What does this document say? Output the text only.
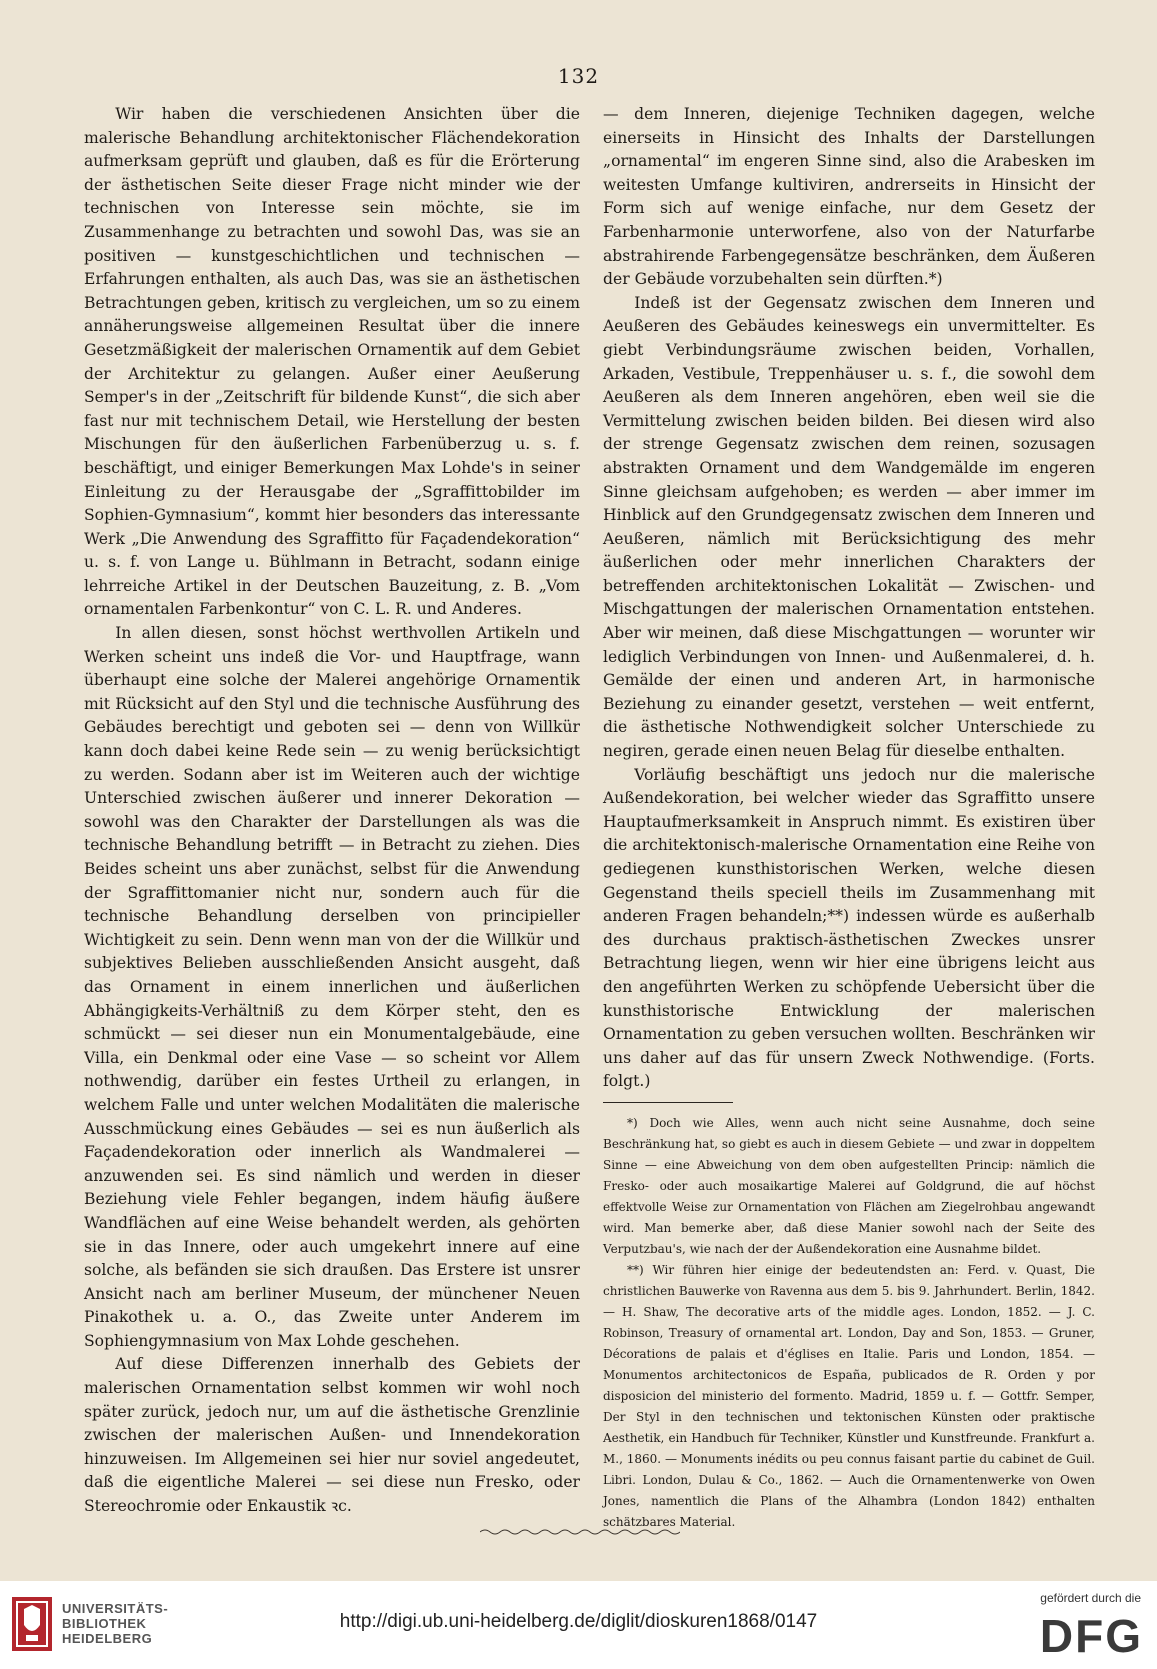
132

Wir haben die verschiedenen Ansichten über die malerische Behandlung architektonischer Flächendekoration aufmerksam geprüft und glauben, daß es für die Erörterung der ästhetischen Seite dieser Frage nicht minder wie der technischen von Interesse sein möchte, sie im Zusammenhange zu betrachten und sowohl Das, was sie an positiven — kunstgeschichtlichen und technischen — Erfahrungen enthalten, als auch Das, was sie an ästhetischen Betrachtungen geben, kritisch zu vergleichen, um so zu einem annäherungsweise allgemeinen Resultat über die innere Gesetzmäßigkeit der malerischen Ornamentik auf dem Gebiet der Architektur zu gelangen. Außer einer Aeußerung Semper's in der „Zeitschrift für bildende Kunst“, die sich aber fast nur mit technischem Detail, wie Herstellung der besten Mischungen für den äußerlichen Farbenüberzug u. s. f. beschäftigt, und einiger Bemerkungen Max Lohde's in seiner Einleitung zu der Herausgabe der „Sgraffittobilder im Sophien-Gymnasium“, kommt hier besonders das interessante Werk „Die Anwendung des Sgraffitto für Façadendekoration“ u. s. f. von Lange u. Bühlmann in Betracht, sodann einige lehrreiche Artikel in der Deutschen Bauzeitung, z. B. „Vom ornamentalen Farbenkontur“ von C. L. R. und Anderes.

In allen diesen, sonst höchst werthvollen Artikeln und Werken scheint uns indeß die Vor- und Hauptfrage, wann überhaupt eine solche der Malerei angehörige Ornamentik mit Rücksicht auf den Styl und die technische Ausführung des Gebäudes berechtigt und geboten sei — denn von Willkür kann doch dabei keine Rede sein — zu wenig berücksichtigt zu werden. Sodann aber ist im Weiteren auch der wichtige Unterschied zwischen äußerer und innerer Dekoration — sowohl was den Charakter der Darstellungen als was die technische Behandlung betrifft — in Betracht zu ziehen. Dies Beides scheint uns aber zunächst, selbst für die Anwendung der Sgraffittomanier nicht nur, sondern auch für die technische Behandlung derselben von principieller Wichtigkeit zu sein. Denn wenn man von der die Willkür und subjektives Belieben ausschließenden Ansicht ausgeht, daß das Ornament in einem innerlichen und äußerlichen Abhängigkeits-Verhältniß zu dem Körper steht, den es schmückt — sei dieser nun ein Monumentalgebäude, eine Villa, ein Denkmal oder eine Vase — so scheint vor Allem nothwendig, darüber ein festes Urtheil zu erlangen, in welchem Falle und unter welchen Modalitäten die malerische Ausschmückung eines Gebäudes — sei es nun äußerlich als Façadendekoration oder innerlich als Wandmalerei — anzuwenden sei. Es sind nämlich und werden in dieser Beziehung viele Fehler begangen, indem häufig äußere Wandflächen auf eine Weise behandelt werden, als gehörten sie in das Innere, oder auch umgekehrt innere auf eine solche, als befänden sie sich draußen. Das Erstere ist unsrer Ansicht nach am berliner Museum, der münchener Neuen Pinakothek u. a. O., das Zweite unter Anderem im Sophiengymnasium von Max Lohde geschehen.

Auf diese Differenzen innerhalb des Gebiets der malerischen Ornamentation selbst kommen wir wohl noch später zurück, jedoch nur, um auf die ästhetische Grenzlinie zwischen der malerischen Außen- und Innendekoration hinzuweisen. Im Allgemeinen sei hier nur soviel angedeutet, daß die eigentliche Malerei — sei diese nun Fresko, oder Stereochromie oder Enkaustik ꝛc.

— dem Inneren, diejenige Techniken dagegen, welche einerseits in Hinsicht des Inhalts der Darstellungen „ornamental“ im engeren Sinne sind, also die Arabesken im weitesten Umfange kultiviren, andrerseits in Hinsicht der Form sich auf wenige einfache, nur dem Gesetz der Farbenharmonie unterworfene, also von der Naturfarbe abstrahirende Farbengegensätze beschränken, dem Äußeren der Gebäude vorzubehalten sein dürften.*)

Indeß ist der Gegensatz zwischen dem Inneren und Aeußeren des Gebäudes keineswegs ein unvermittelter. Es giebt Verbindungsräume zwischen beiden, Vorhallen, Arkaden, Vestibule, Treppenhäuser u. s. f., die sowohl dem Aeußeren als dem Inneren angehören, eben weil sie die Vermittelung zwischen beiden bilden. Bei diesen wird also der strenge Gegensatz zwischen dem reinen, sozusagen abstrakten Ornament und dem Wandgemälde im engeren Sinne gleichsam aufgehoben; es werden — aber immer im Hinblick auf den Grundgegensatz zwischen dem Inneren und Aeußeren, nämlich mit Berücksichtigung des mehr äußerlichen oder mehr innerlichen Charakters der betreffenden architektonischen Lokalität — Zwischen- und Mischgattungen der malerischen Ornamentation entstehen. Aber wir meinen, daß diese Mischgattungen — worunter wir lediglich Verbindungen von Innen- und Außenmalerei, d. h. Gemälde der einen und anderen Art, in harmonische Beziehung zu einander gesetzt, verstehen — weit entfernt, die ästhetische Nothwendigkeit solcher Unterschiede zu negiren, gerade einen neuen Belag für dieselbe enthalten.

Vorläufig beschäftigt uns jedoch nur die malerische Außendekoration, bei welcher wieder das Sgraffitto unsere Hauptaufmerksamkeit in Anspruch nimmt. Es existiren über die architektonisch-malerische Ornamentation eine Reihe von gediegenen kunsthistorischen Werken, welche diesen Gegenstand theils speciell theils im Zusammenhang mit anderen Fragen behandeln;**) indessen würde es außerhalb des durchaus praktisch-ästhetischen Zweckes unsrer Betrachtung liegen, wenn wir hier eine übrigens leicht aus den angeführten Werken zu schöpfende Uebersicht über die kunsthistorische Entwicklung der malerischen Ornamentation zu geben versuchen wollten. Beschränken wir uns daher auf das für unsern Zweck Nothwendige. (Forts. folgt.)

*) Doch wie Alles, wenn auch nicht seine Ausnahme, doch seine Beschränkung hat, so giebt es auch in diesem Gebiete — und zwar in doppeltem Sinne — eine Abweichung von dem oben aufgestellten Princip: nämlich die Fresko- oder auch mosaikartige Malerei auf Goldgrund, die auf höchst effektvolle Weise zur Ornamentation von Flächen am Ziegelrohbau angewandt wird. Man bemerke aber, daß diese Manier sowohl nach der Seite des Verputzbau's, wie nach der der Außendekoration eine Ausnahme bildet.

**) Wir führen hier einige der bedeutendsten an: Ferd. v. Quast, Die christlichen Bauwerke von Ravenna aus dem 5. bis 9. Jahrhundert. Berlin, 1842. — H. Shaw, The decorative arts of the middle ages. London, 1852. — J. C. Robinson, Treasury of ornamental art. London, Day and Son, 1853. — Gruner, Décorations de palais et d'églises en Italie. Paris und London, 1854. — Monumentos architectonicos de España, publicados de R. Orden y por disposicion del ministerio del formento. Madrid, 1859 u. f. — Gottfr. Semper, Der Styl in den technischen und tektonischen Künsten oder praktische Aesthetik, ein Handbuch für Techniker, Künstler und Kunstfreunde. Frankfurt a. M., 1860. — Monuments inédits ou peu connus faisant partie du cabinet de Guil. Libri. London, Dulau & Co., 1862. — Auch die Ornamentenwerke von Owen Jones, namentlich die Plans of the Alhambra (London 1842) enthalten schätzbares Material.

UNIVERSITÄTS-
BIBLIOTHEK
HEIDELBERG
http://digi.ub.uni-heidelberg.de/diglit/dioskuren1868/0147
gefördert durch die
DFG
